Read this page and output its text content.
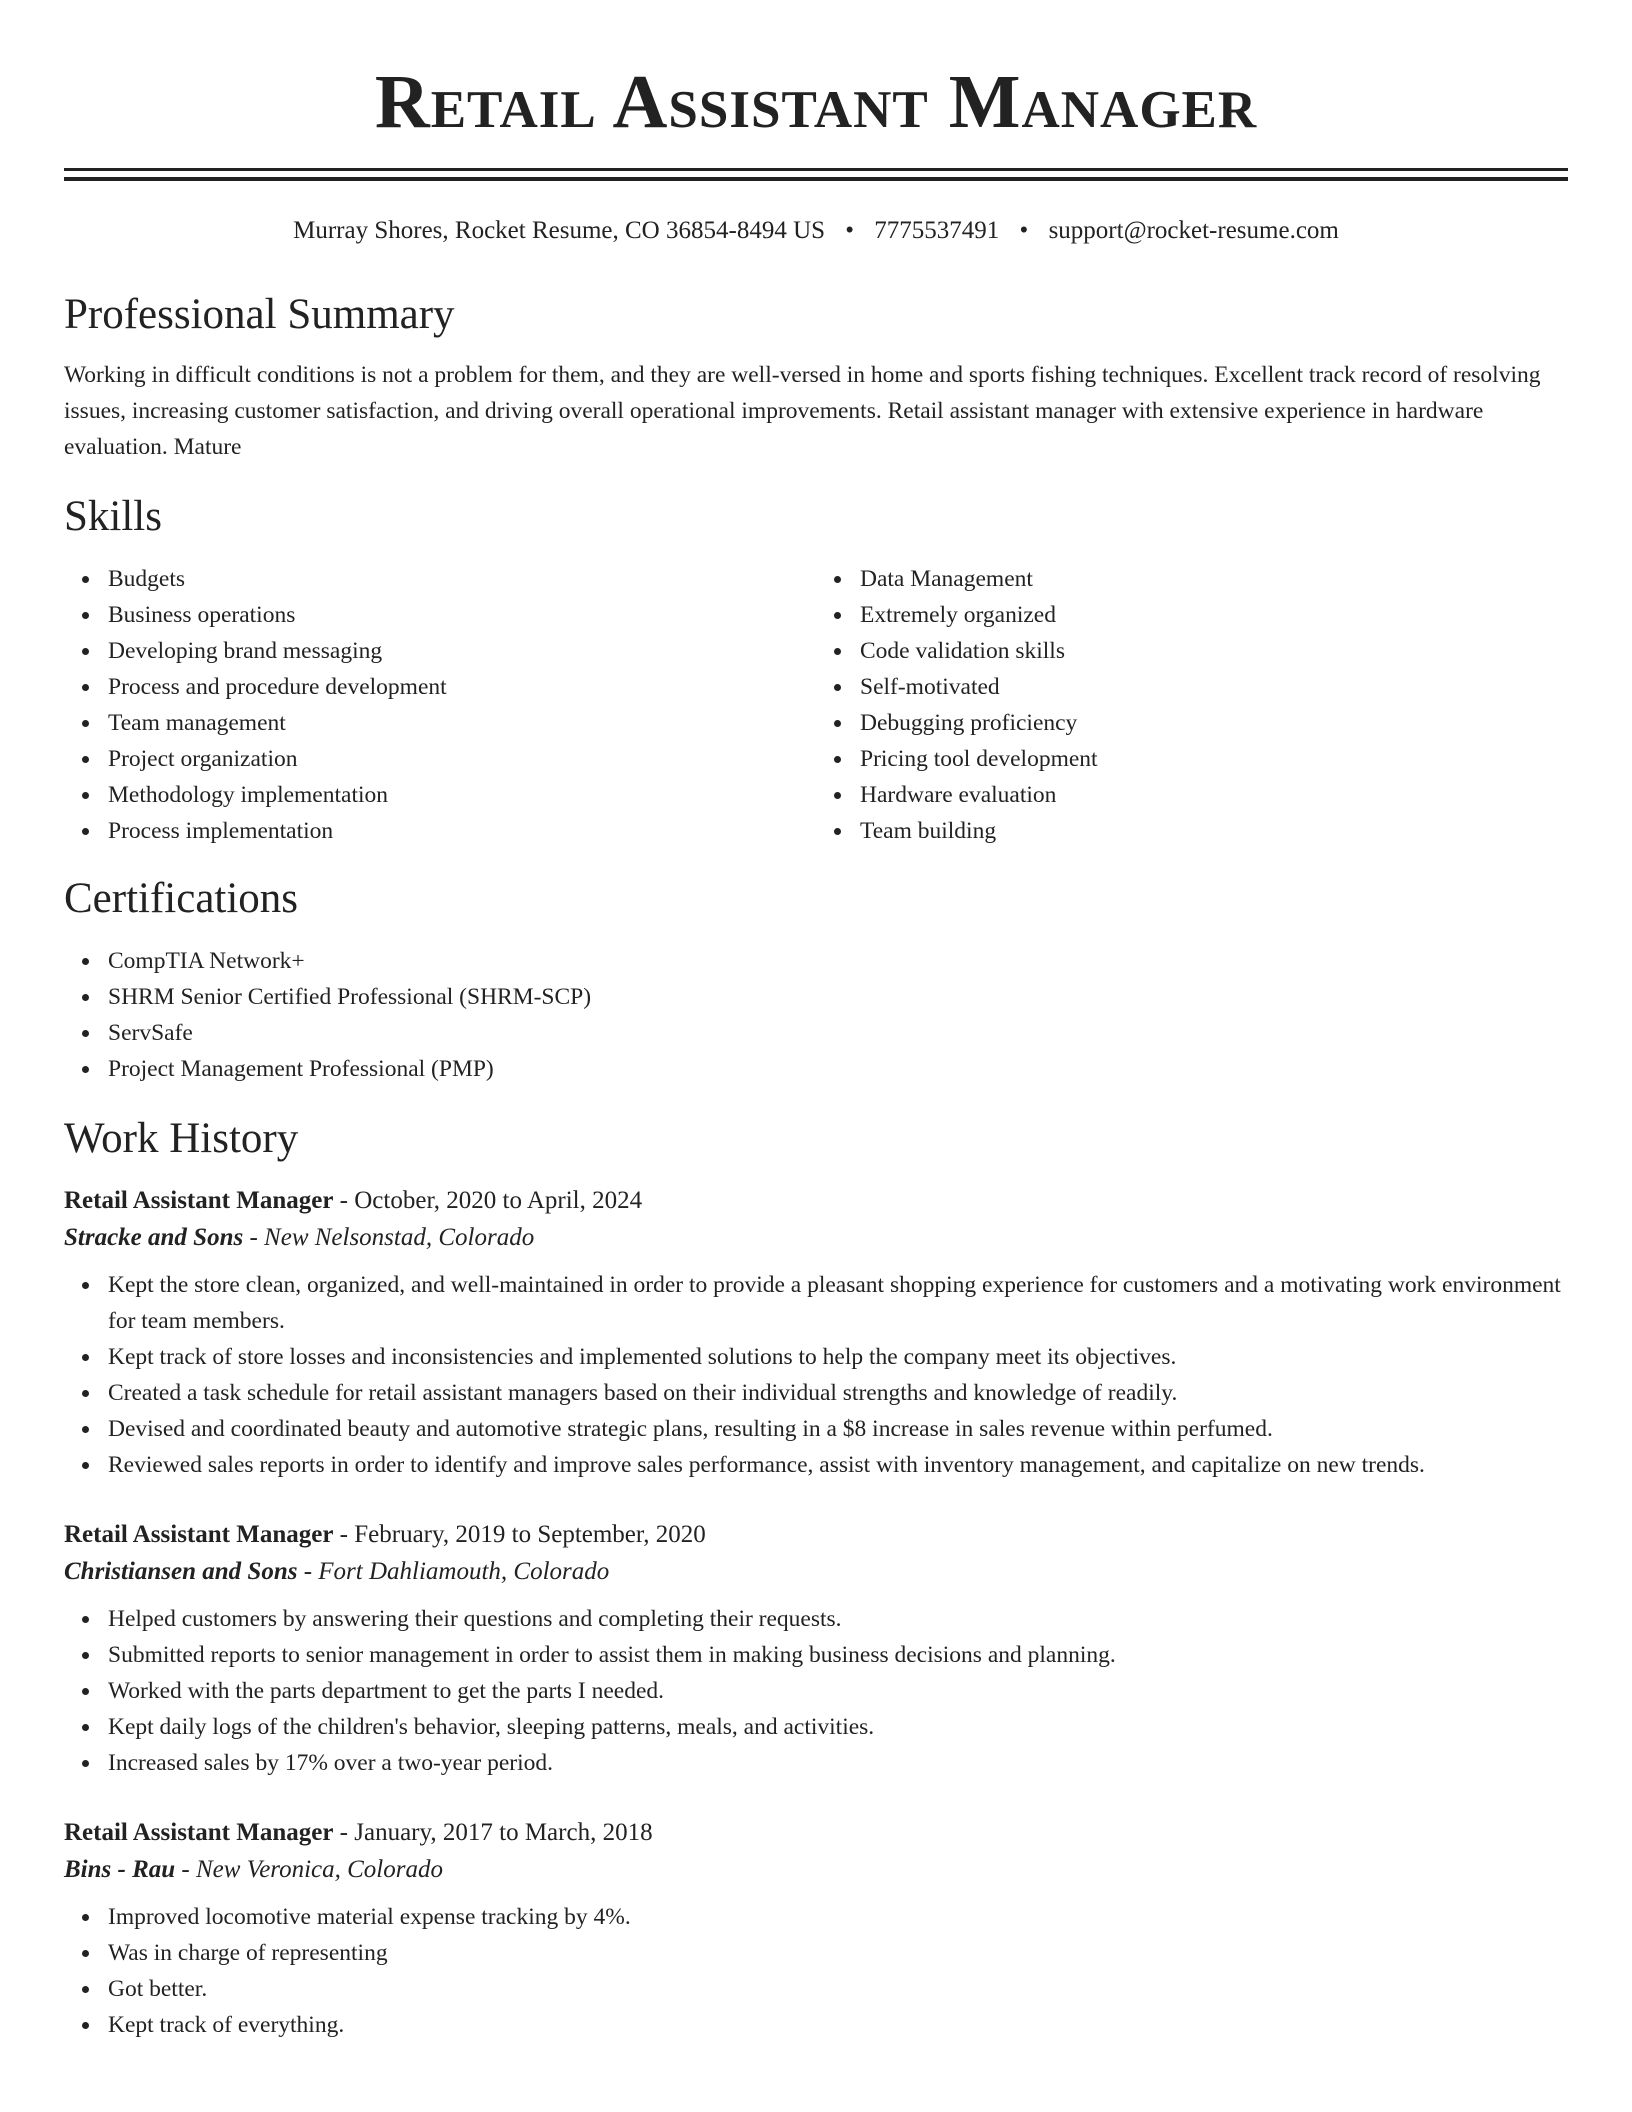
Retail Assistant Manager
Murray Shores, Rocket Resume, CO 36854-8494 US • 7775537491 • support@rocket-resume.com
Professional Summary

Working in difficult conditions is not a problem for them, and they are well-versed in home and sports fishing techniques. Excellent track record of resolving issues, increasing customer satisfaction, and driving overall operational improvements. Retail assistant manager with extensive experience in hardware evaluation. Mature

Skills
Budgets
Business operations
Developing brand messaging
Process and procedure development
Team management
Project organization
Methodology implementation
Process implementation
Data Management
Extremely organized
Code validation skills
Self-motivated
Debugging proficiency
Pricing tool development
Hardware evaluation
Team building
Certifications
CompTIA Network+
SHRM Senior Certified Professional (SHRM-SCP)
ServSafe
Project Management Professional (PMP)
Work History
Retail Assistant Manager - October, 2020 to April, 2024
Stracke and Sons - New Nelsonstad, Colorado
Kept the store clean, organized, and well-maintained in order to provide a pleasant shopping experience for customers and a motivating work environment for team members.
Kept track of store losses and inconsistencies and implemented solutions to help the company meet its objectives.
Created a task schedule for retail assistant managers based on their individual strengths and knowledge of readily.
Devised and coordinated beauty and automotive strategic plans, resulting in a $8 increase in sales revenue within perfumed.
Reviewed sales reports in order to identify and improve sales performance, assist with inventory management, and capitalize on new trends.
Retail Assistant Manager - February, 2019 to September, 2020
Christiansen and Sons - Fort Dahliamouth, Colorado
Helped customers by answering their questions and completing their requests.
Submitted reports to senior management in order to assist them in making business decisions and planning.
Worked with the parts department to get the parts I needed.
Kept daily logs of the children's behavior, sleeping patterns, meals, and activities.
Increased sales by 17% over a two-year period.
Retail Assistant Manager - January, 2017 to March, 2018
Bins - Rau - New Veronica, Colorado
Improved locomotive material expense tracking by 4%.
Was in charge of representing
Got better.
Kept track of everything.
